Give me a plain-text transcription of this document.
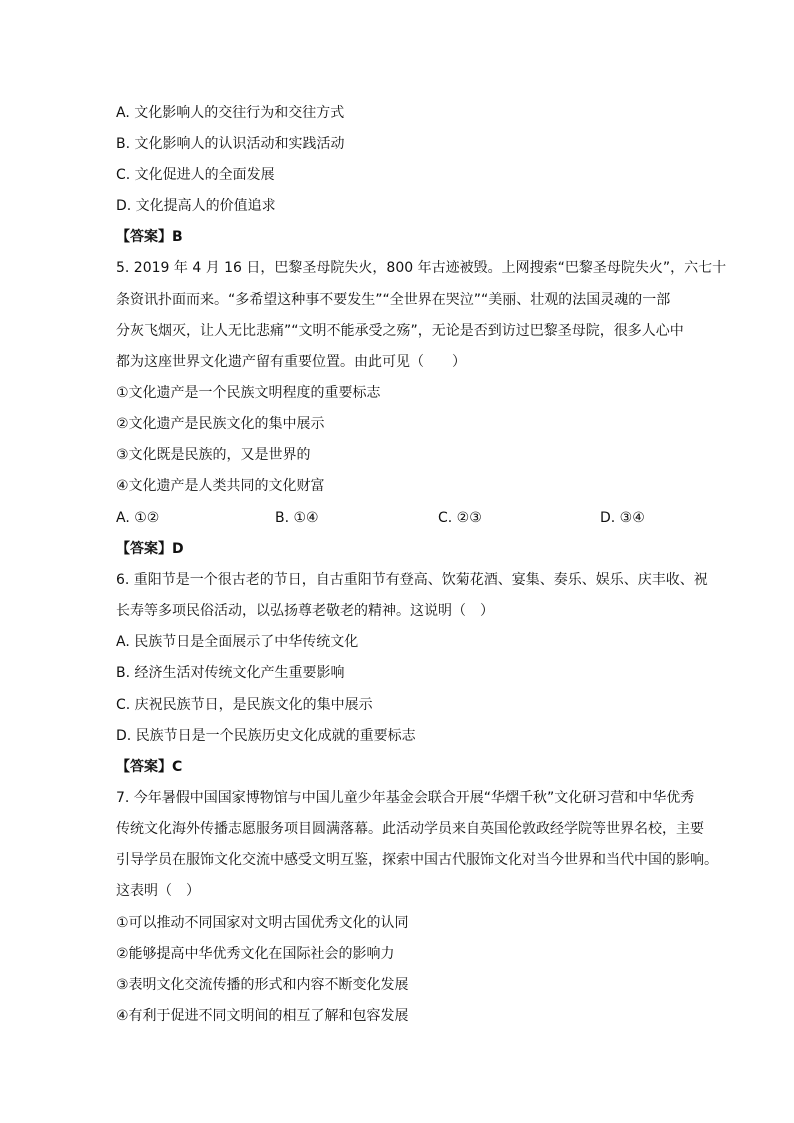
A. 文化影响人的交往行为和交往方式
B. 文化影响人的认识活动和实践活动
C. 文化促进人的全面发展
D. 文化提高人的价值追求
【答案】B
5. 2019 年 4 月 16 日，巴黎圣母院失火，800 年古迹被毁。上网搜索“巴黎圣母院失火”，六七十
条资讯扑面而来。“多希望这种事不要发生”“全世界在哭泣”“美丽、壮观的法国灵魂的一部
分灰飞烟灭，让人无比悲痛”“文明不能承受之殇”，无论是否到访过巴黎圣母院，很多人心中
都为这座世界文化遗产留有重要位置。由此可见（　　）
①文化遗产是一个民族文明程度的重要标志
②文化遗产是民族文化的集中展示
③文化既是民族的，又是世界的
④文化遗产是人类共同的文化财富
A. ①②	B. ①④	C. ②③	D. ③④
【答案】D
6. 重阳节是一个很古老的节日，自古重阳节有登高、饮菊花酒、宴集、奏乐、娱乐、庆丰收、祝
长寿等多项民俗活动，以弘扬尊老敬老的精神。这说明（　）
A. 民族节日是全面展示了中华传统文化
B. 经济生活对传统文化产生重要影响
C. 庆祝民族节日，是民族文化的集中展示
D. 民族节日是一个民族历史文化成就的重要标志
【答案】C
7. 今年暑假中国国家博物馆与中国儿童少年基金会联合开展“华熠千秋”文化研习营和中华优秀
传统文化海外传播志愿服务项目圆满落幕。此活动学员来自英国伦敦政经学院等世界名校，主要
引导学员在服饰文化交流中感受文明互鉴，探索中国古代服饰文化对当今世界和当代中国的影响。
这表明（　）
①可以推动不同国家对文明古国优秀文化的认同
②能够提高中华优秀文化在国际社会的影响力
③表明文化交流传播的形式和内容不断变化发展
④有利于促进不同文明间的相互了解和包容发展
